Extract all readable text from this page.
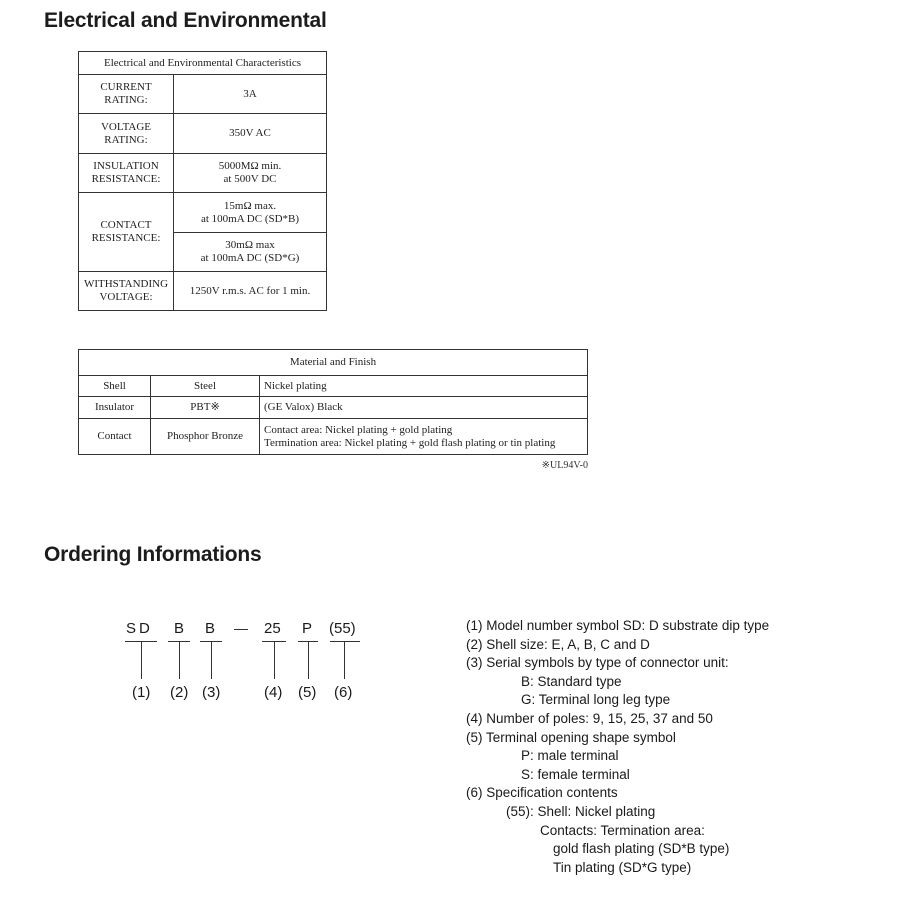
Electrical and Environmental
Electrical and Environmental Characteristics	
CURRENT
RATING:	3A
VOLTAGE
RATING:	350V AC
INSULATION
RESISTANCE:	5000MΩ min.
at 500V DC
CONTACT
RESISTANCE:	15mΩ max.
at 100mA DC (SD*B)
	30mΩ max
at 100mA DC (SD*G)
WITHSTANDING
VOLTAGE:	1250V r.m.s. AC for 1 min.
Material and Finish		
Shell	Steel	Nickel plating
Insulator	PBT※	(GE Valox) Black
Contact	Phosphor Bronze	Contact area: Nickel plating + gold plating
Termination area: Nickel plating + gold flash plating or tin plating
※UL94V-0
Ordering Informations
SD B B	25 P (55)
(1) (2) (3)	(4) (5) (6)
(1) Model number symbol SD: D substrate dip type
(2) Shell size: E, A, B, C and D
(3) Serial symbols by type of connector unit:
B: Standard type
G: Terminal long leg type
(4) Number of poles: 9, 15, 25, 37 and 50
(5) Terminal opening shape symbol
P: male terminal
S: female terminal
(6) Specification contents
(55): Shell: Nickel plating
Contacts: Termination area:
gold flash plating (SD*B type)
Tin plating (SD*G type)
